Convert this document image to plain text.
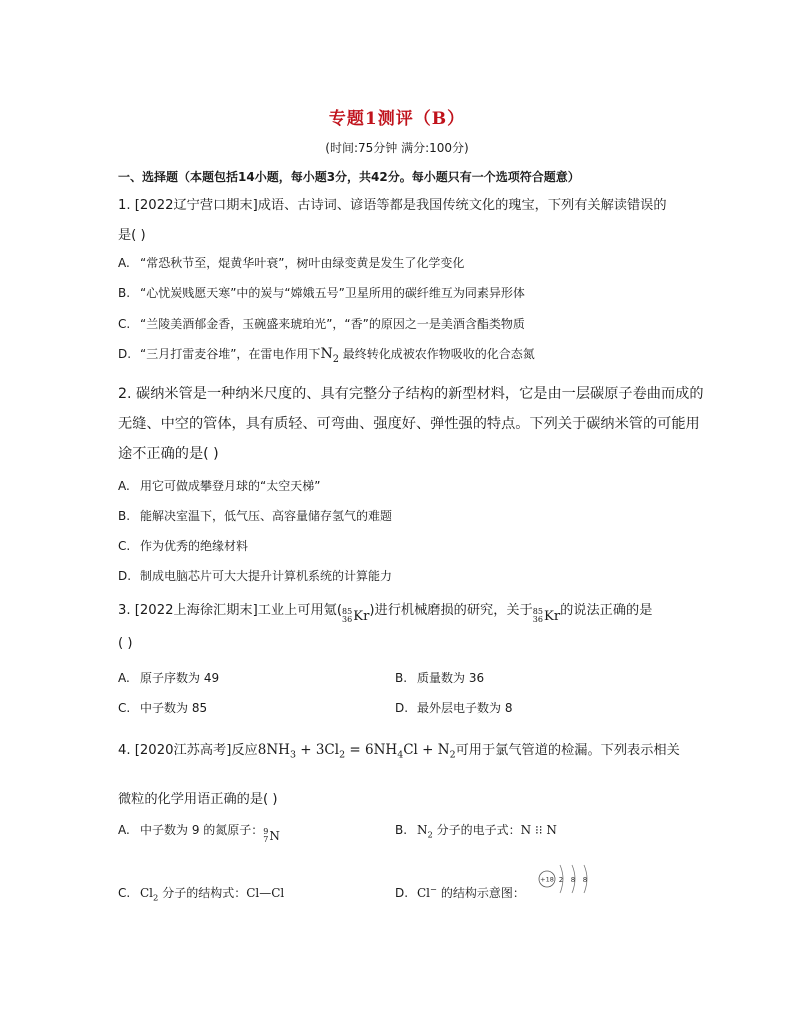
专题1测评（B）
(时间:75分钟 满分:100分)
一、选择题（本题包括14小题，每小题3分，共42分。每小题只有一个选项符合题意）
1. [2022辽宁营口期末]成语、古诗词、谚语等都是我国传统文化的瑰宝，下列有关解读错误的
是( )
A. “常恐秋节至，焜黄华叶衰”，树叶由绿变黄是发生了化学变化
B. “心忧炭贱愿天寒”中的炭与“嫦娥五号”卫星所用的碳纤维互为同素异形体
C. “兰陵美酒郁金香，玉碗盛来琥珀光”，“香”的原因之一是美酒含酯类物质
D. “三月打雷麦谷堆”，在雷电作用下$N_2$ 最终转化成被农作物吸收的化合态氮
2. 碳纳米管是一种纳米尺度的、具有完整分子结构的新型材料，它是由一层碳原子卷曲而成的
无缝、中空的管体，具有质轻、可弯曲、强度好、弹性强的特点。下列关于碳纳米管的可能用
途不正确的是( )
A. 用它可做成攀登月球的“太空天梯”
B. 能解决室温下，低气压、高容量储存氢气的难题
C. 作为优秀的绝缘材料
D. 制成电脑芯片可大大提升计算机系统的计算能力
3. [2022上海徐汇期末]工业上可用氪( 85
36 Kr )进行机械磨损的研究，关于 85
36 Kr 的说法正确的是
( )
A. 原子序数为 49	B. 质量数为 36
C. 中子数为 85	D. 最外层电子数为 8
4. [2020江苏高考]反应$8NH_3 + 3Cl_2 = 6NH_4Cl + N_2$可用于氯气管道的检漏。下列表示相关
微粒的化学用语正确的是( )
A. 中子数为 9 的氮原子： 9
7 N	B. $N_2$ 分子的电子式：N ⁝⁝ N
C. $Cl_2$ 分子的结构式：Cl—Cl	D. Cl− 的结构示意图：
+18 2 8 8
